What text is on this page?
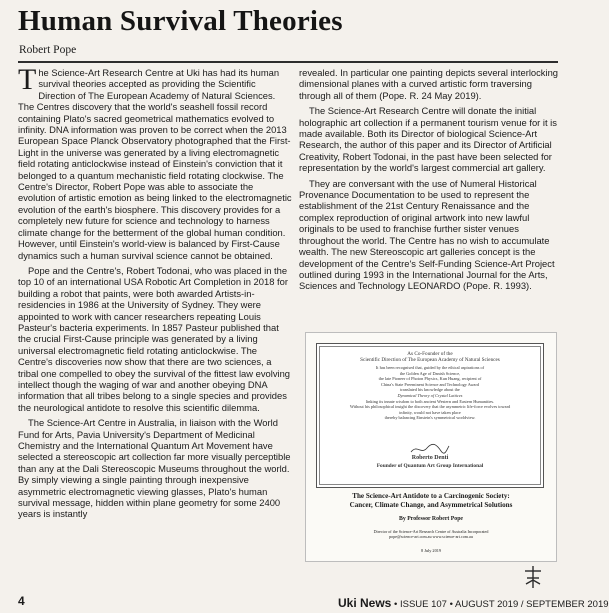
Human Survival Theories
Robert Pope

The Science-Art Research Centre at Uki has had its human survival theories accepted as providing the Scientific Direction of The European Academy of Natural Sciences. The Centres discovery that the world's seashell fossil record containing Plato's sacred geometrical mathematics evolved to infinity. DNA information was proven to be correct when the 2013 European Space Planck Observatory photographed that the First-Light in the universe was generated by a living electromagnetic field rotating anticlockwise instead of Einstein's conviction that it belonged to a quantum mechanistic field rotating clockwise. The Centre's Director, Robert Pope was able to associate the evolution of artistic emotion as being linked to the electromagnetic evolution of the earth's biosphere. This discovery provides for a completely new future for science and technology to harness climate change for the betterment of the global human condition. However, until Einstein's world-view is balanced by First-Cause dynamics such a human survival science cannot be obtained.

Pope and the Centre's, Robert Todonai, who was placed in the top 10 of an international USA Robotic Art Completion in 2018 for building a robot that paints, were both awarded Artists-in-residencies in 1986 at the University of Sydney. They were appointed to work with cancer researchers repeating Louis Pasteur's bacteria experiments. In 1857 Pasteur published that the crucial First-Cause principle was generated by a living universal electromagnetic field rotating anticlockwise. The Centre's discoveries now show that there are two sciences, a tribal one compelled to obey the survival of the fittest law evolving intellect though the waging of war and another obeying DNA information that all tribes belong to a single species and provides the neurological antidote to resolve this scientific dilemma.

The Science-Art Centre in Australia, in liaison with the World Fund for Arts, Pavia University's Department of Medicinal Chemistry and the International Quantum Art Movement have selected a stereoscopic art collection far more visually perceptible than any at the Dali Stereoscopic Museums throughout the world. By simply viewing a single painting through inexpensive asymmetric electromagnetic viewing glasses, Plato's human survival message, hidden within plane geometry for some 2400 years is instantly

revealed. In particular one painting depicts several interlocking dimensional planes with a curved artistic form traversing through all of them (Pope. R. 24 May 2019).

The Science-Art Research Centre will donate the initial holographic art collection if a permanent tourism venue for it is made available. Both its Director of biological Science-Art Research, the author of this paper and its Director of Artificial Creativity, Robert Todonai, in the past have been selected for representation by the world's largest commercial art gallery.

They are conversant with the use of Numeral Historical Provenance Documentation to be used to represent the establishment of the 21st Century Renaissance and the complex reproduction of original artwork into new lawful originals to be used to franchise further sister venues throughout the world. The Centre has no wish to accumulate wealth. The new Stereoscopic art galleries concept is the development of the Centre's Self-Funding Science-Art Project outlined during 1993 in the International Journal for the Arts, Sciences and Technology LEONARDO (Pope. R. 1993).

As Co-Founder of the
Scientific Direction of The European Academy of Natural Sciences
It has been recognised that, guided by the ethical aspirations of
the Golden Age of Danish Science,
the late Pioneer of Photon Physics, Kun Huang, recipient of
China's State Preeminent Science and Technology Award
translated his knowledge about the
Dynamical Theory of Crystal Lattices
linking its innate wisdom to both ancient Western and Eastern Humanities.
Without his philosophical insight the discovery that the asymmetric life-force evolves toward
infinity, would not have taken place
thereby balancing Einstein's symmetrical worldview.
Roberto Denti
Founder of Quantum Art Group International
The Science-Art Antidote to a Carcinogenic Society:
Cancer, Climate Change, and Asymmetrical Solutions
By Professor Robert Pope
Director of the Science-Art Research Centre of Australia Incorporated
pope@science-art.com.au www.science-art.com.au
8 July 2019
4	Uki News • ISSUE 107 • AUGUST 2019 / SEPTEMBER 2019
